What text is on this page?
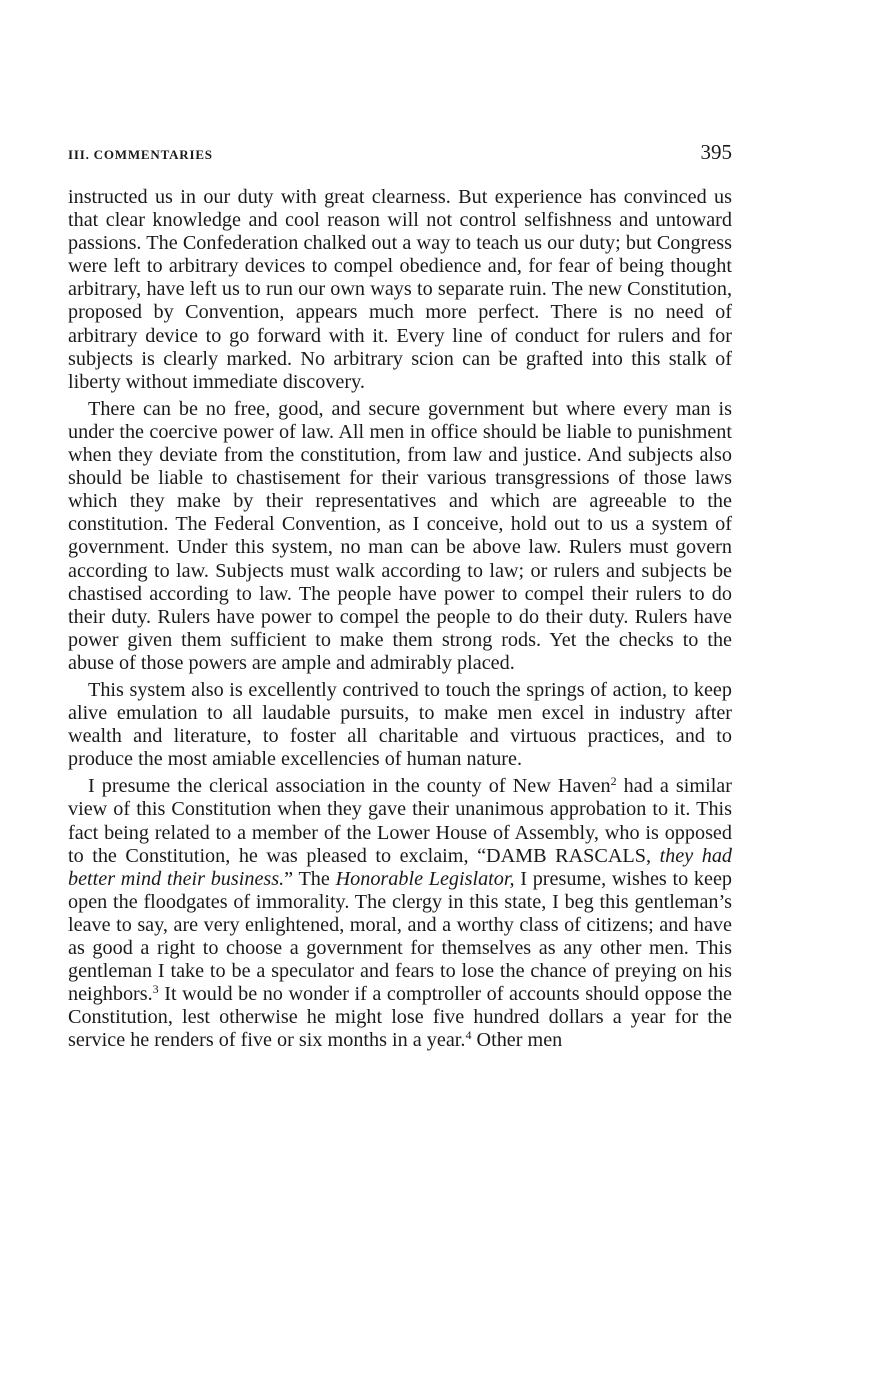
III. COMMENTARIES	395

instructed us in our duty with great clearness. But experience has convinced us that clear knowledge and cool reason will not control selfishness and untoward passions. The Confederation chalked out a way to teach us our duty; but Congress were left to arbitrary devices to compel obedience and, for fear of being thought arbitrary, have left us to run our own ways to separate ruin. The new Constitution, proposed by Convention, appears much more perfect. There is no need of arbitrary device to go forward with it. Every line of conduct for rulers and for subjects is clearly marked. No arbitrary scion can be grafted into this stalk of liberty without immediate discovery.

There can be no free, good, and secure government but where every man is under the coercive power of law. All men in office should be liable to punishment when they deviate from the constitution, from law and justice. And subjects also should be liable to chastisement for their various transgressions of those laws which they make by their representatives and which are agreeable to the constitution. The Federal Convention, as I conceive, hold out to us a system of government. Under this system, no man can be above law. Rulers must govern according to law. Subjects must walk according to law; or rulers and subjects be chastised according to law. The people have power to compel their rulers to do their duty. Rulers have power to compel the people to do their duty. Rulers have power given them sufficient to make them strong rods. Yet the checks to the abuse of those powers are ample and admirably placed.

This system also is excellently contrived to touch the springs of action, to keep alive emulation to all laudable pursuits, to make men excel in industry after wealth and literature, to foster all charitable and virtuous practices, and to produce the most amiable excellencies of human nature.

I presume the clerical association in the county of New Haven$^2$ had a similar view of this Constitution when they gave their unanimous approbation to it. This fact being related to a member of the Lower House of Assembly, who is opposed to the Constitution, he was pleased to exclaim, “DAMB RASCALS, they had better mind their business.” The Honorable Legislator, I presume, wishes to keep open the floodgates of immorality. The clergy in this state, I beg this gentleman’s leave to say, are very enlightened, moral, and a worthy class of citizens; and have as good a right to choose a government for themselves as any other men. This gentleman I take to be a speculator and fears to lose the chance of preying on his neighbors.$^3$ It would be no wonder if a comptroller of accounts should oppose the Constitution, lest otherwise he might lose five hundred dollars a year for the service he renders of five or six months in a year.$^4$ Other men
